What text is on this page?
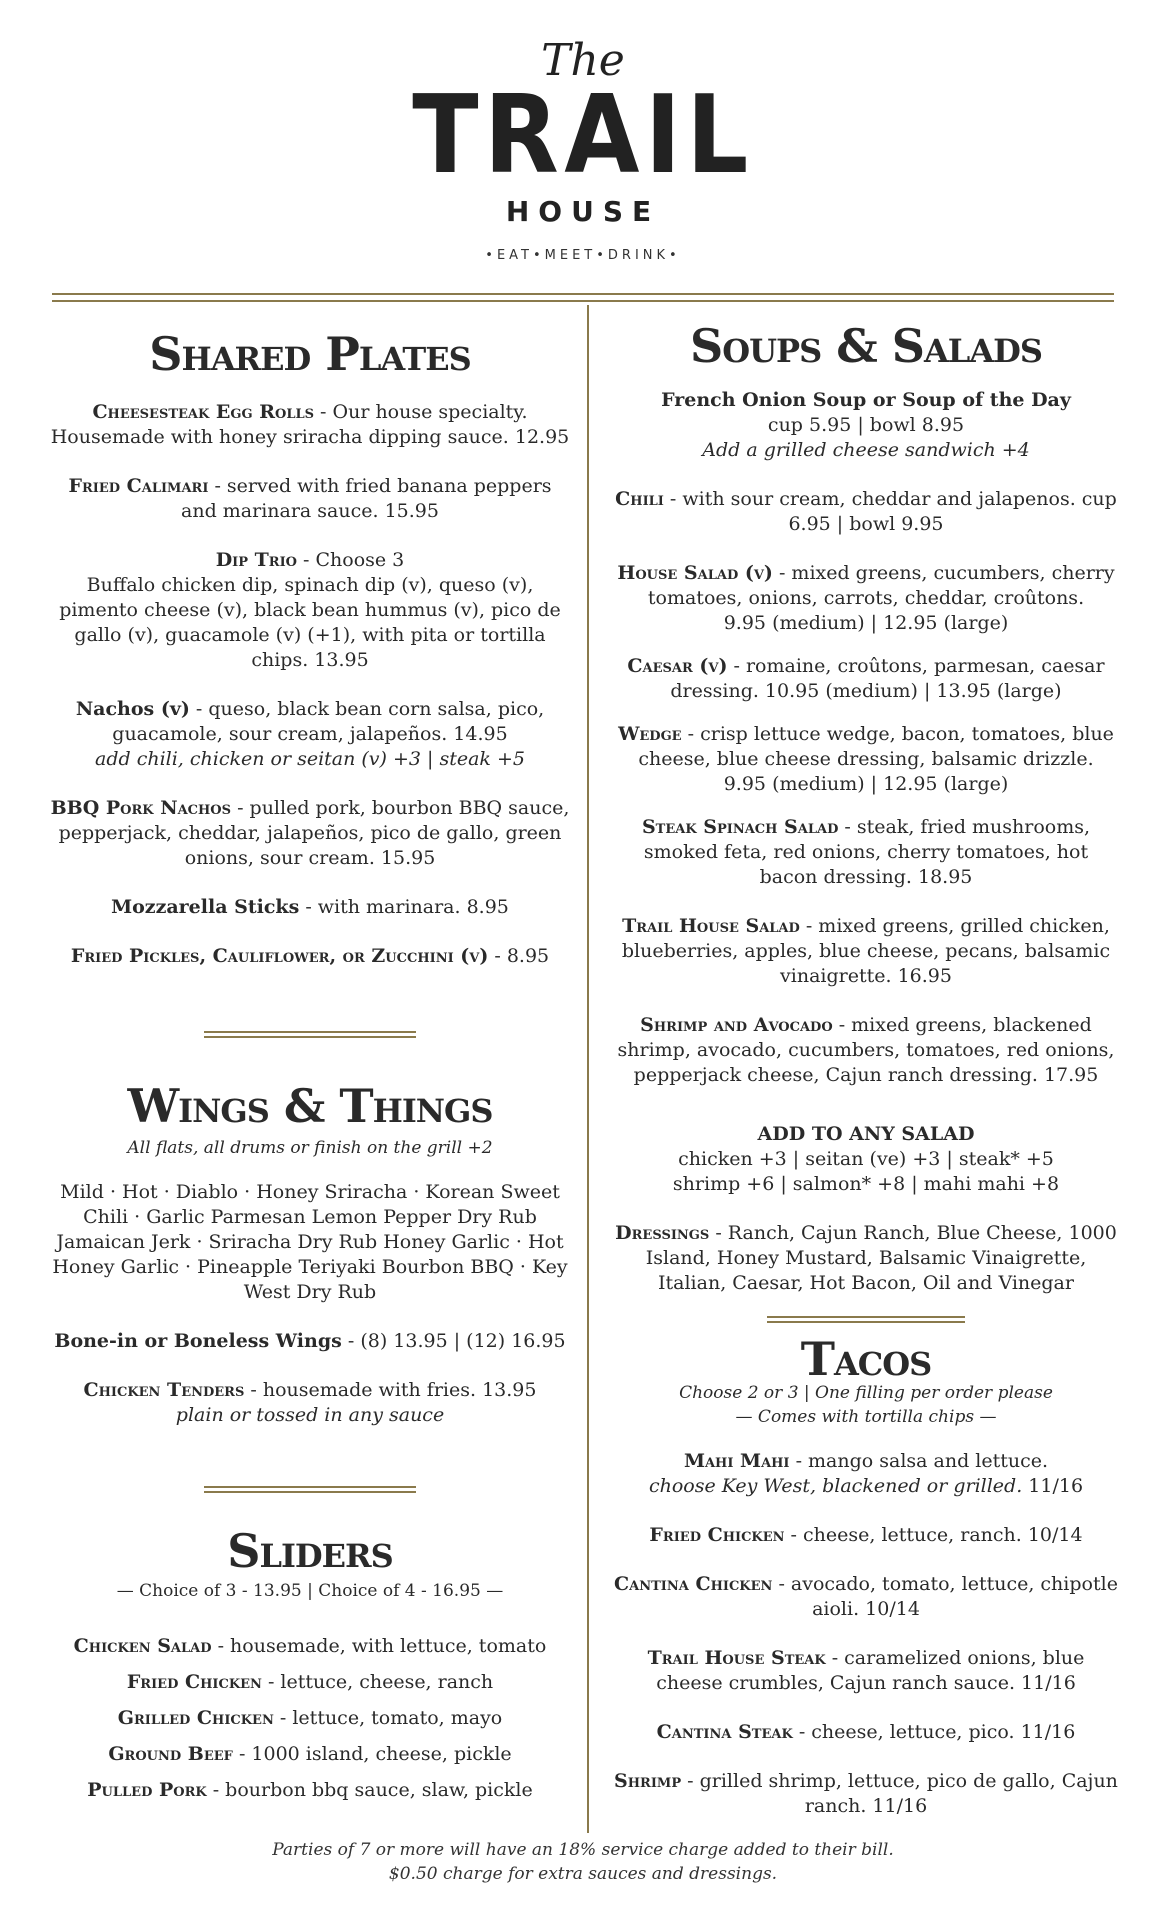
The
TRAIL
HOUSE
•EAT•MEET•DRINK•
Shared Plates
Cheesesteak Egg Rolls - Our house specialty. Housemade with honey sriracha dipping sauce. 12.95
Fried Calimari - served with fried banana peppers and marinara sauce. 15.95
Dip Trio - Choose 3
Buffalo chicken dip, spinach dip (v), queso (v), pimento cheese (v), black bean hummus (v), pico de gallo (v), guacamole (v) (+1), with pita or tortilla chips. 13.95
Nachos (v) - queso, black bean corn salsa, pico, guacamole, sour cream, jalapeños. 14.95
add chili, chicken or seitan (v) +3 | steak +5
BBQ Pork Nachos - pulled pork, bourbon BBQ sauce, pepperjack, cheddar, jalapeños, pico de gallo, green onions, sour cream. 15.95
Mozzarella Sticks - with marinara. 8.95
Fried Pickles, Cauliflower, or Zucchini (v) - 8.95
Wings & Things
All flats, all drums or finish on the grill +2
Mild · Hot · Diablo · Honey Sriracha · Korean Sweet Chili · Garlic Parmesan Lemon Pepper Dry Rub Jamaican Jerk · Sriracha Dry Rub Honey Garlic · Hot Honey Garlic · Pineapple Teriyaki Bourbon BBQ · Key West Dry Rub
Bone-in or Boneless Wings - (8) 13.95 | (12) 16.95
Chicken Tenders - housemade with fries. 13.95
plain or tossed in any sauce
Sliders
— Choice of 3 - 13.95 | Choice of 4 - 16.95 —
Chicken Salad - housemade, with lettuce, tomato
Fried Chicken - lettuce, cheese, ranch
Grilled Chicken - lettuce, tomato, mayo
Ground Beef - 1000 island, cheese, pickle
Pulled Pork - bourbon bbq sauce, slaw, pickle
Soups & Salads
French Onion Soup or Soup of the Day
cup 5.95 | bowl 8.95
Add a grilled cheese sandwich +4
Chili - with sour cream, cheddar and jalapenos. cup 6.95 | bowl 9.95
House Salad (v) - mixed greens, cucumbers, cherry tomatoes, onions, carrots, cheddar, croûtons.
9.95 (medium) | 12.95 (large)
Caesar (v) - romaine, croûtons, parmesan, caesar dressing. 10.95 (medium) | 13.95 (large)
Wedge - crisp lettuce wedge, bacon, tomatoes, blue cheese, blue cheese dressing, balsamic drizzle.
9.95 (medium) | 12.95 (large)
Steak Spinach Salad - steak, fried mushrooms, smoked feta, red onions, cherry tomatoes, hot bacon dressing. 18.95
Trail House Salad - mixed greens, grilled chicken, blueberries, apples, blue cheese, pecans, balsamic vinaigrette. 16.95
Shrimp and Avocado - mixed greens, blackened shrimp, avocado, cucumbers, tomatoes, red onions, pepperjack cheese, Cajun ranch dressing. 17.95
ADD TO ANY SALAD
chicken +3 | seitan (ve) +3 | steak* +5
shrimp +6 | salmon* +8 | mahi mahi +8
Dressings - Ranch, Cajun Ranch, Blue Cheese, 1000 Island, Honey Mustard, Balsamic Vinaigrette, Italian, Caesar, Hot Bacon, Oil and Vinegar
Tacos
Choose 2 or 3 | One filling per order please
— Comes with tortilla chips —
Mahi Mahi - mango salsa and lettuce.
choose Key West, blackened or grilled. 11/16
Fried Chicken - cheese, lettuce, ranch. 10/14
Cantina Chicken - avocado, tomato, lettuce, chipotle aioli. 10/14
Trail House Steak - caramelized onions, blue cheese crumbles, Cajun ranch sauce. 11/16
Cantina Steak - cheese, lettuce, pico. 11/16
Shrimp - grilled shrimp, lettuce, pico de gallo, Cajun ranch. 11/16
Parties of 7 or more will have an 18% service charge added to their bill.
$0.50 charge for extra sauces and dressings.
